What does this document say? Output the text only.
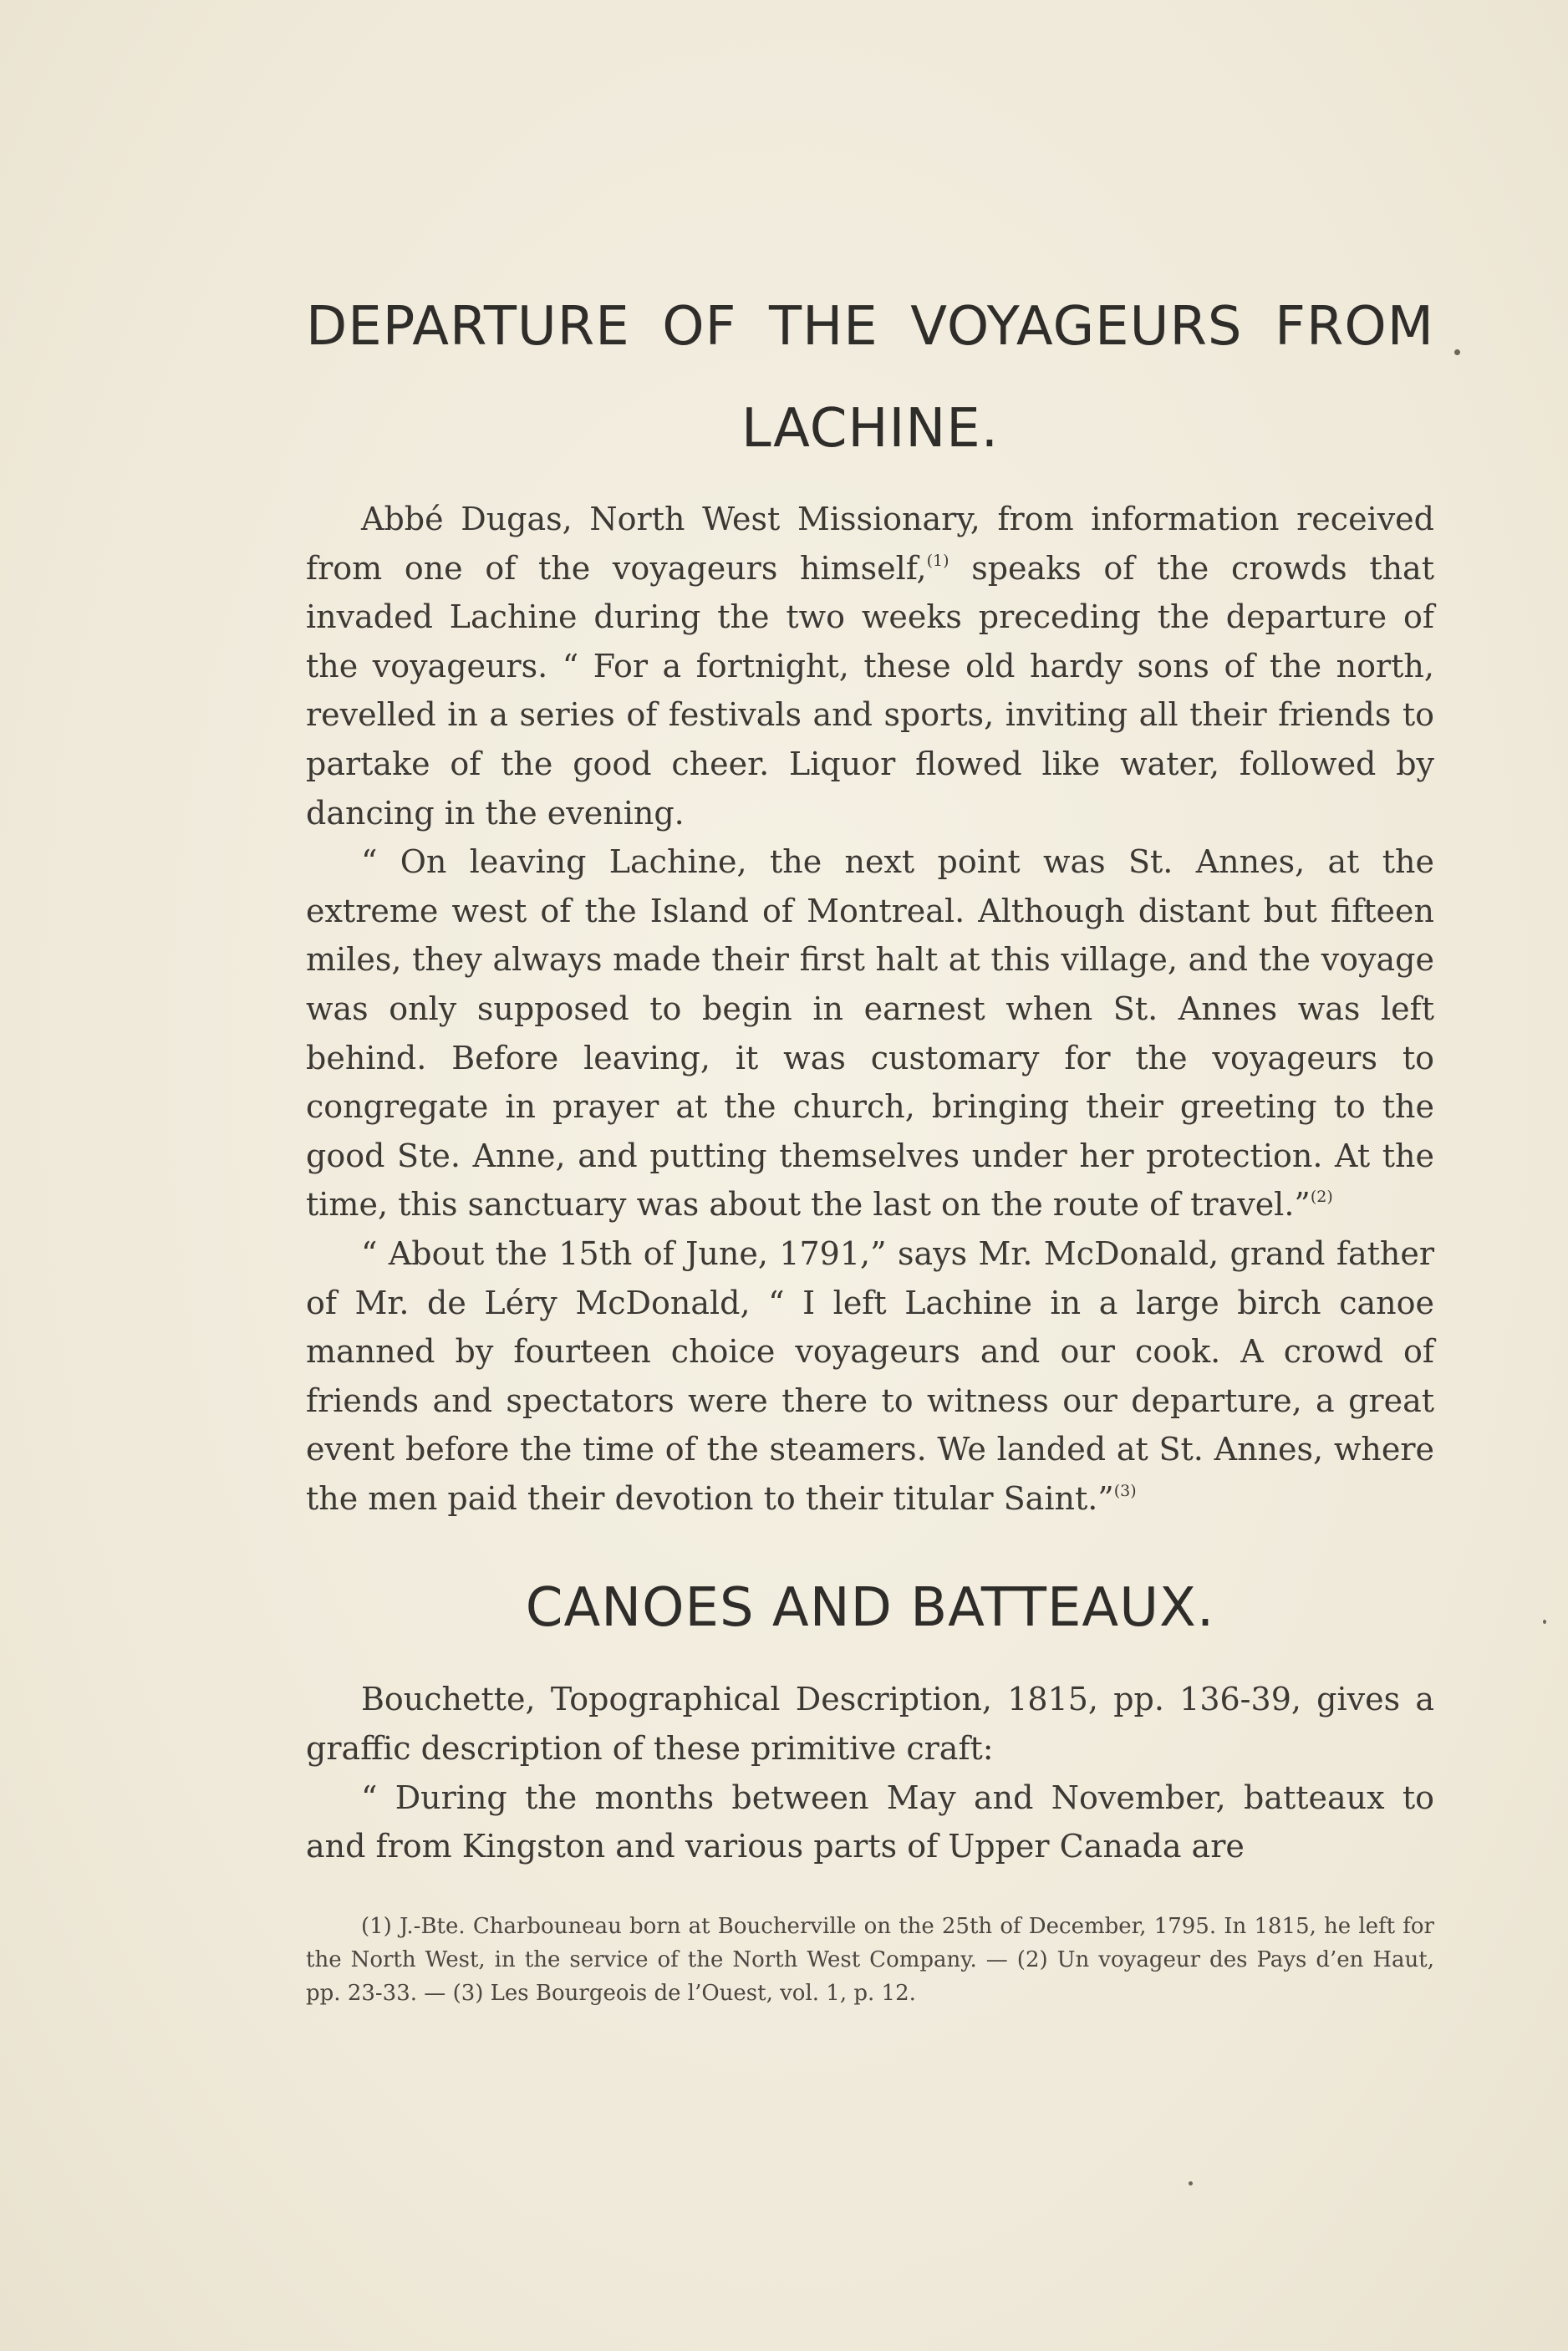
DEPARTURE OF THE VOYAGEURS FROM LACHINE.

Abbé Dugas, North West Missionary, from information received from one of the voyageurs himself,$^{(1)}$ speaks of the crowds that invaded Lachine during the two weeks preceding the departure of the voyageurs. “ For a fortnight, these old hardy sons of the north, revelled in a series of festivals and sports, inviting all their friends to partake of the good cheer. Liquor flowed like water, followed by dancing in the evening.

“ On leaving Lachine, the next point was St. Annes, at the extreme west of the Island of Montreal. Although distant but fifteen miles, they always made their first halt at this village, and the voyage was only supposed to begin in earnest when St. Annes was left behind. Before leaving, it was customary for the voyageurs to congregate in prayer at the church, bringing their greeting to the good Ste. Anne, and putting themselves under her protection. At the time, this sanctuary was about the last on the route of travel.”$^{(2)}$

“ About the 15th of June, 1791,” says Mr. McDonald, grand father of Mr. de Léry McDonald, “ I left Lachine in a large birch canoe manned by fourteen choice voyageurs and our cook. A crowd of friends and spectators were there to witness our departure, a great event before the time of the steamers. We landed at St. Annes, where the men paid their devotion to their titular Saint.”$^{(3)}$

CANOES AND BATTEAUX.

Bouchette, Topographical Description, 1815, pp. 136-39, gives a graffic description of these primitive craft:

“ During the months between May and November, batteaux to and from Kingston and various parts of Upper Canada are

(1) J.-Bte. Charbouneau born at Boucherville on the 25th of December, 1795. In 1815, he left for the North West, in the service of the North West Company. — (2) Un voyageur des Pays d’en Haut, pp. 23-33. — (3) Les Bourgeois de l’Ouest, vol. 1, p. 12.
